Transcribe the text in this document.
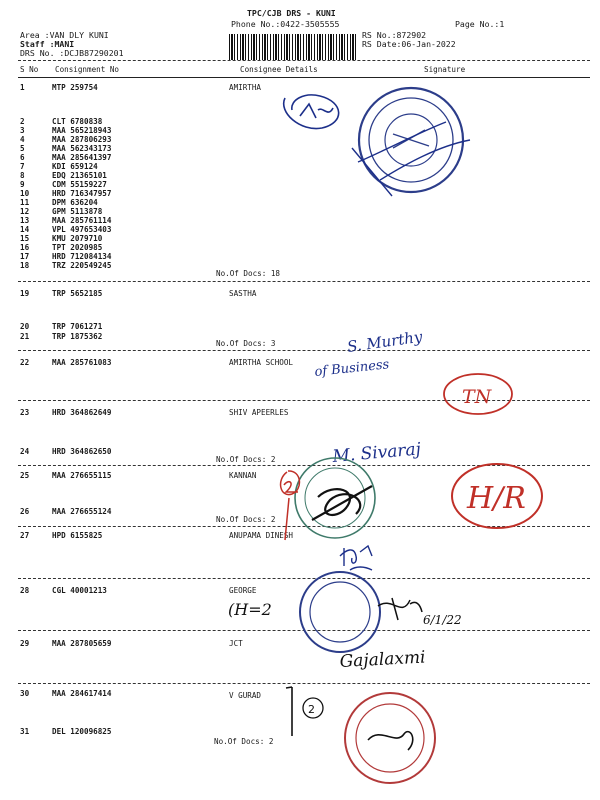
TPC/CJB DRS - KUNI
Phone No.:0422-3505555	Page No.:1
Area :VAN DLY KUNI	RS No.:872902
Staff :MANI	RS Date:06-Jan-2022
DRS No. :DCJB87290201
S No Consignment No	Consignee Details	Signature
1	MTP 259754	AMIRTHA
2	CLT 6780838
3	MAA 565218943
4	MAA 287806293
5	MAA 562343173
6	MAA 285641397
7	KDI 659124
8	EDQ 21365101
9	CDM 55159227
10	HRD 716347957
11	DPM 636204
12	GPM 5113878
13	MAA 285761114
14	VPL 497653403
15	KMU 2079710
16	TPT 2020985
17	HRD 712084134
18	TRZ 220549245
No.Of Docs: 18
19	TRP 5652185	SASTHA
20	TRP 7061271
21	TRP 1875362
No.Of Docs: 3
22	MAA 285761083	AMIRTHA SCHOOL
23	HRD 364862649	SHIV APEERLES
24	HRD 364862650
No.Of Docs: 2
25	MAA 276655115	KANNAN
26	MAA 276655124
No.Of Docs: 2
27	HPD 6155825	ANUPAMA DINESH
28	CGL 40001213	GEORGE
29	MAA 287805659	JCT
30	MAA 284617414	V GURAD
31	DEL 120096825
No.Of Docs: 2
S. Murthy
of Business
TN
M. Sivaraj
H/R
(H=2
6/1/22
Gajalaxmi
2
